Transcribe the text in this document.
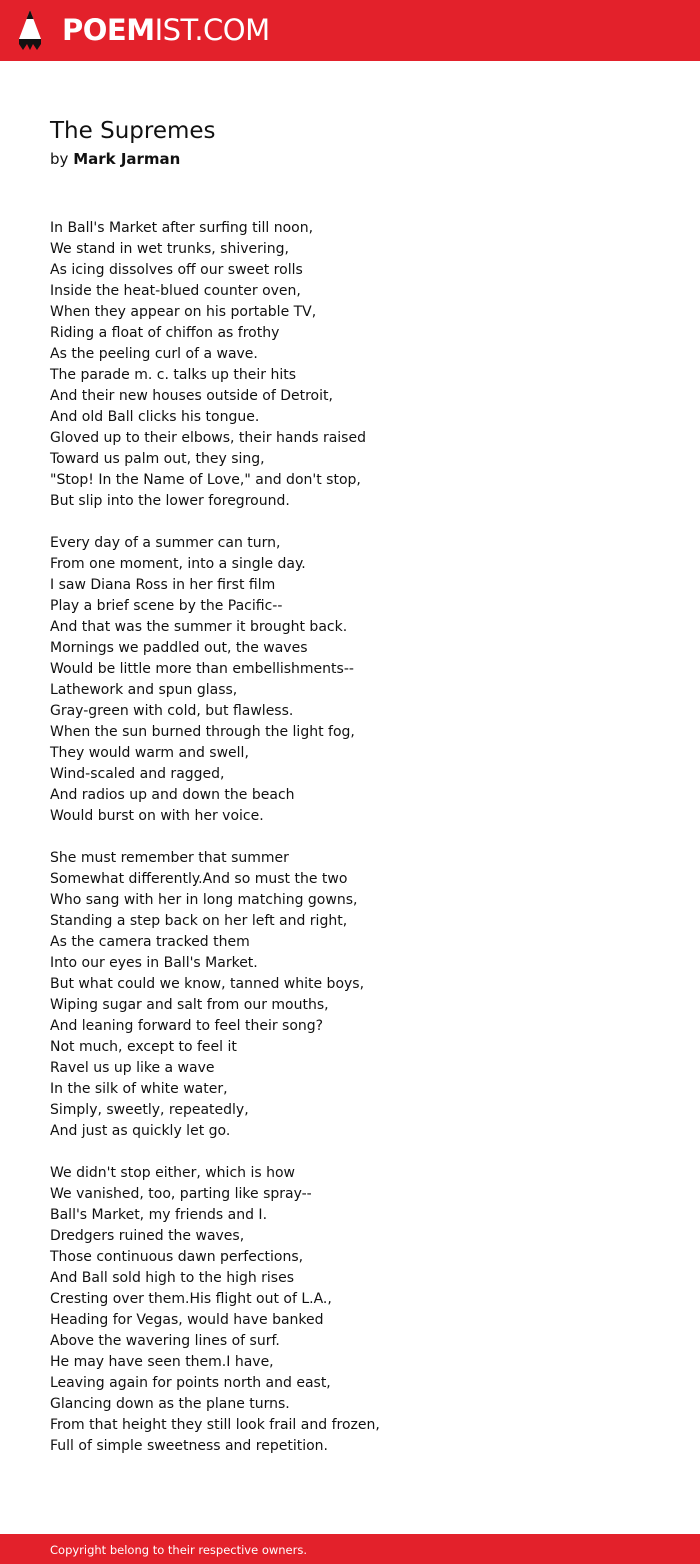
POEMIST.COM
The Supremes
by Mark Jarman
In Ball's Market after surfing till noon,
We stand in wet trunks, shivering,
As icing dissolves off our sweet rolls
Inside the heat-blued counter oven,
When they appear on his portable TV,
Riding a float of chiffon as frothy
As the peeling curl of a wave.
The parade m. c. talks up their hits
And their new houses outside of Detroit,
And old Ball clicks his tongue.
Gloved up to their elbows, their hands raised
Toward us palm out, they sing,
"Stop! In the Name of Love," and don't stop,
But slip into the lower foreground.
Every day of a summer can turn,
From one moment, into a single day.
I saw Diana Ross in her first film
Play a brief scene by the Pacific--
And that was the summer it brought back.
Mornings we paddled out, the waves
Would be little more than embellishments--
Lathework and spun glass,
Gray-green with cold, but flawless.
When the sun burned through the light fog,
They would warm and swell,
Wind-scaled and ragged,
And radios up and down the beach
Would burst on with her voice.
She must remember that summer
Somewhat differently.And so must the two
Who sang with her in long matching gowns,
Standing a step back on her left and right,
As the camera tracked them
Into our eyes in Ball's Market.
But what could we know, tanned white boys,
Wiping sugar and salt from our mouths,
And leaning forward to feel their song?
Not much, except to feel it
Ravel us up like a wave
In the silk of white water,
Simply, sweetly, repeatedly,
And just as quickly let go.
We didn't stop either, which is how
We vanished, too, parting like spray--
Ball's Market, my friends and I.
Dredgers ruined the waves,
Those continuous dawn perfections,
And Ball sold high to the high rises
Cresting over them.His flight out of L.A.,
Heading for Vegas, would have banked
Above the wavering lines of surf.
He may have seen them.I have,
Leaving again for points north and east,
Glancing down as the plane turns.
From that height they still look frail and frozen,
Full of simple sweetness and repetition.
Copyright belong to their respective owners.
